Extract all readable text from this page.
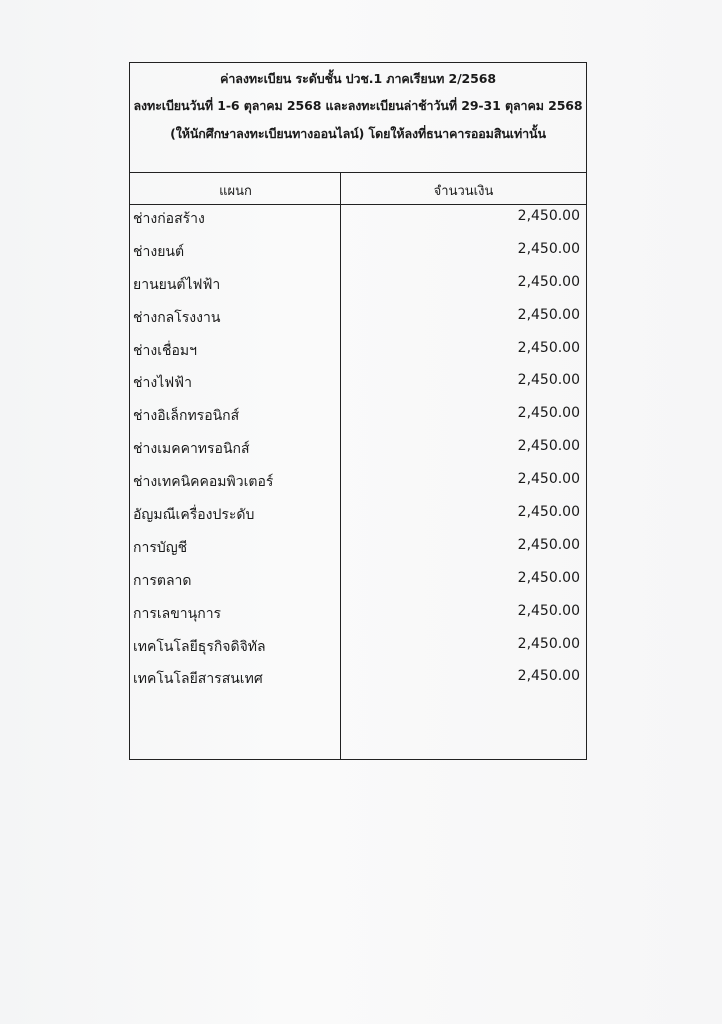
ค่าลงทะเบียน ระดับชั้น ปวช.1 ภาคเรียนท 2/2568
ลงทะเบียนวันที่ 1-6 ตุลาคม 2568 และลงทะเบียนล่าช้าวันที่ 29-31 ตุลาคม 2568
(ให้นักศึกษาลงทะเบียนทางออนไลน์) โดยให้ลงที่ธนาคารออมสินเท่านั้น
แผนก	จำนวนเงิน
ช่างก่อสร้าง	2,450.00
ช่างยนต์	2,450.00
ยานยนต์ไฟฟ้า	2,450.00
ช่างกลโรงงาน	2,450.00
ช่างเชื่อมฯ	2,450.00
ช่างไฟฟ้า	2,450.00
ช่างอิเล็กทรอนิกส์	2,450.00
ช่างเมคคาทรอนิกส์	2,450.00
ช่างเทคนิคคอมพิวเตอร์	2,450.00
อัญมณีเครื่องประดับ	2,450.00
การบัญชี	2,450.00
การตลาด	2,450.00
การเลขานุการ	2,450.00
เทคโนโลยีธุรกิจดิจิทัล	2,450.00
เทคโนโลยีสารสนเทศ	2,450.00
